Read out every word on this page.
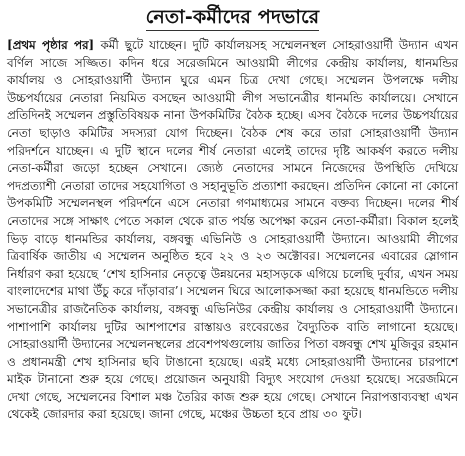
নেতা-কর্মীদের পদভারে

[প্রথম পৃষ্ঠার পর] কর্মী ছুটে যাচ্ছেন। দুটি কার্যালয়সহ সম্মেলনস্থল সোহরাওয়ার্দী উদ্যান এখন বর্ণিল সাজে সজ্জিত। কদিন ধরে সরেজমিনে আওয়ামী লীগের কেন্দ্রীয় কার্যালয়, ধানমন্ডির কার্যালয় ও সোহরাওয়ার্দী উদ্যান ঘুরে এমন চিত্র দেখা গেছে। সম্মেলন উপলক্ষে দলীয় উচ্চপর্যায়ের নেতারা নিয়মিত বসছেন আওয়ামী লীগ সভানেত্রীর ধানমন্ডি কার্যালয়ে। সেখানে প্রতিদিনই সম্মেলন প্রস্তুতিবিষয়ক নানা উপকমিটির বৈঠক হচ্ছে। এসব বৈঠকে দলের উচ্চপর্যায়ের নেতা ছাড়াও কমিটির সদস্যরা যোগ দিচ্ছেন। বৈঠক শেষ করে তারা সোহরাওয়ার্দী উদ্যান পরিদর্শনে যাচ্ছেন। এ দুটি স্থানে দলের শীর্ষ নেতারা এলেই তাদের দৃষ্টি আকর্ষণ করতে দলীয় নেতা-কর্মীরা জড়ো হচ্ছেন সেখানে। জ্যেষ্ঠ নেতাদের সামনে নিজেদের উপস্থিতি দেখিয়ে পদপ্রত্যাশী নেতারা তাদের সহযোগিতা ও সহানুভূতি প্রত্যাশা করছেন। প্রতিদিন কোনো না কোনো উপকমিটি সম্মেলনস্থল পরিদর্শনে এসে নেতারা গণমাধ্যমের সামনে বক্তব্য দিচ্ছেন। দলের শীর্ষ নেতাদের সঙ্গে সাক্ষাৎ পেতে সকাল থেকে রাত পর্যন্ত অপেক্ষা করেন নেতা-কর্মীরা। বিকাল হলেই ভিড় বাড়ে ধানমন্ডির কার্যালয়, বঙ্গবন্ধু এভিনিউ ও সোহরাওয়ার্দী উদ্যানে। আওয়ামী লীগের ত্রিবার্ষিক জাতীয় এ সম্মেলন অনুষ্ঠিত হবে ২২ ও ২৩ অক্টোবর। সম্মেলনের এবারের স্লোগান নির্ধারণ করা হয়েছে ‘শেখ হাসিনার নেতৃত্বে উন্নয়নের মহাসড়কে এগিয়ে চলেছি দুর্বার, এখন সময় বাংলাদেশের মাথা উঁচু করে দাঁড়াবার’। সম্মেলন ঘিরে আলোকসজ্জা করা হয়েছে ধানমন্ডিতে দলীয় সভানেত্রীর রাজনৈতিক কার্যালয়, বঙ্গবন্ধু এভিনিউর কেন্দ্রীয় কার্যালয় ও সোহরাওয়ার্দী উদ্যানে। পাশাপাশি কার্যালয় দুটির আশপাশের রাস্তায়ও রংবেরঙের বৈদ্যুতিক বাতি লাগানো হয়েছে। সোহরাওয়ার্দী উদ্যানের সম্মেলনস্থলের প্রবেশপথগুলোয় জাতির পিতা বঙ্গবন্ধু শেখ মুজিবুর রহমান ও প্রধানমন্ত্রী শেখ হাসিনার ছবি টাঙানো হয়েছে। এরই মধ্যে সোহরাওয়ার্দী উদ্যানের চারপাশে মাইক টানানো শুরু হয়ে গেছে। প্রয়োজন অনুযায়ী বিদ্যুৎ সংযোগ দেওয়া হয়েছে। সরেজমিনে দেখা গেছে, সম্মেলনের বিশাল মঞ্চ তৈরির কাজ শুরু হয়ে গেছে। সেখানে নিরাপত্তাব্যবস্থা এখন থেকেই জোরদার করা হয়েছে। জানা গেছে, মঞ্চের উচ্চতা হবে প্রায় ৩০ ফুট।
